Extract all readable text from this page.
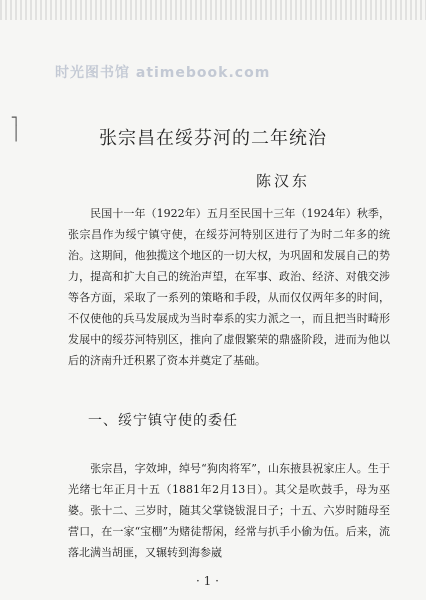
时光图书馆 atimebook.com
┐
│	张宗昌在绥芬河的二年统治
陈汉东
　　民国十一年（1922年）五月至民国十三年（1924年）秋季，张宗昌作为绥宁镇守使，在绥芬河特别区进行了为时二年多的统治。这期间，他独揽这个地区的一切大权，为巩固和发展自己的势力，提高和扩大自己的统治声望，在军事、政治、经济、对俄交涉等各方面，采取了一系列的策略和手段，从而仅仅两年多的时间，不仅使他的兵马发展成为当时奉系的实力派之一，而且把当时畸形发展中的绥芬河特别区，推向了虚假繁荣的鼎盛阶段，进而为他以后的济南升迁积累了资本并奠定了基础。
一、绥宁镇守使的委任
　　张宗昌，字效坤，绰号“狗肉将军”，山东掖县祝家庄人。生于光绪七年正月十五（1881年2月13日）。其父是吹鼓手，母为巫婆。张十二、三岁时，随其父掌铙钹混日子；十五、六岁时随母至营口，在一家“宝棚”为赌徒帮闲，经常与扒手小偷为伍。后来，流落北满当胡匪，又辗转到海参崴
· 1 ·
